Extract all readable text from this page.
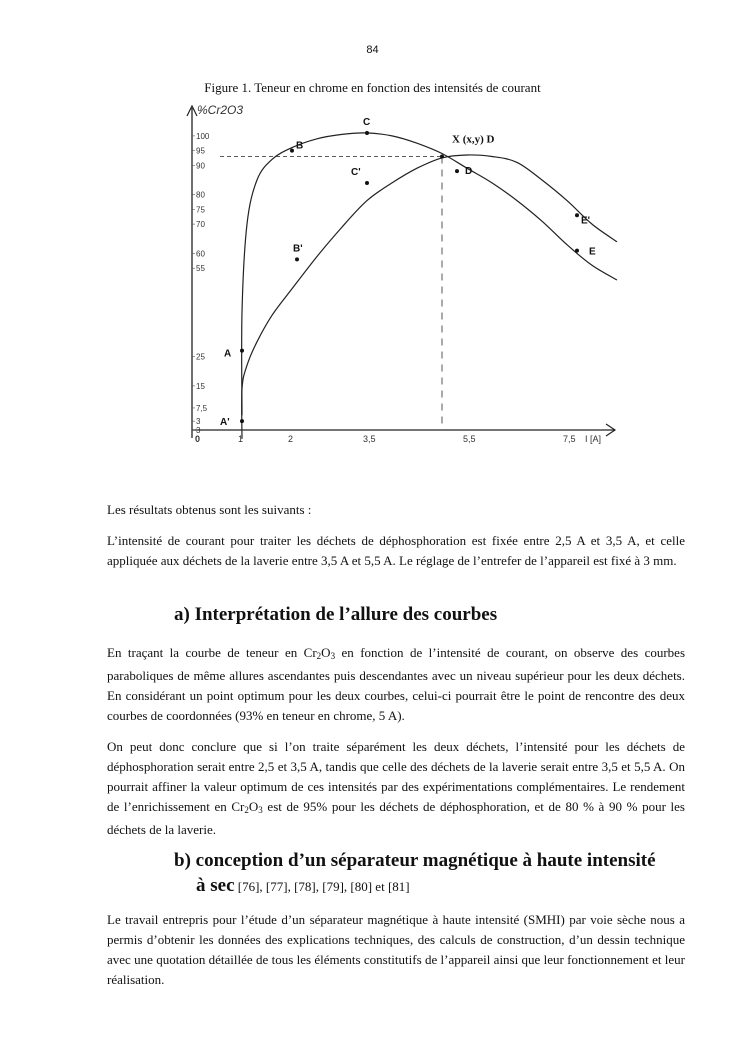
84
Figure 1. Teneur en chrome en fonction des intensités de courant
%Cr2O3
I [A]
100
95
90
80
75
70
60
55
25
15
7,5
3
3
0	1	2	3,5	5,5	7,5
A
B
C
X (x,y) D
D
E
A'
B'
C'
E'

Les résultats obtenus sont les suivants :

L’intensité de courant pour traiter les déchets de déphosphoration est fixée entre 2,5 A et 3,5 A, et celle appliquée aux déchets de la laverie entre 3,5 A et 5,5 A. Le réglage de l’entrefer de l’appareil est fixé à 3 mm.

a) Interprétation de l’allure des courbes

En traçant la courbe de teneur en $Cr_2O_3$ en fonction de l’intensité de courant, on observe des courbes paraboliques de même allures ascendantes puis descendantes avec un niveau supérieur pour les deux déchets. En considérant un point optimum pour les deux courbes, celui-ci pourrait être le point de rencontre des deux courbes de coordonnées (93% en teneur en chrome, 5 A).

On peut donc conclure que si l’on traite séparément les deux déchets, l’intensité pour les déchets de déphosphoration serait entre 2,5 et 3,5 A, tandis que celle des déchets de la laverie serait entre 3,5 et 5,5 A. On pourrait affiner la valeur optimum de ces intensités par des expérimentations complémentaires. Le rendement de l’enrichissement en $Cr_2O_3$ est de 95% pour les déchets de déphosphoration, et de 80 % à 90 % pour les déchets de la laverie.

b) conception d’un séparateur magnétique à haute intensité
à sec [76], [77], [78], [79], [80] et [81]

Le travail entrepris pour l’étude d’un séparateur magnétique à haute intensité (SMHI) par voie sèche nous a permis d’obtenir les données des explications techniques, des calculs de construction, d’un dessin technique avec une quotation détaillée de tous les éléments constitutifs de l’appareil ainsi que leur fonctionnement et leur réalisation.
